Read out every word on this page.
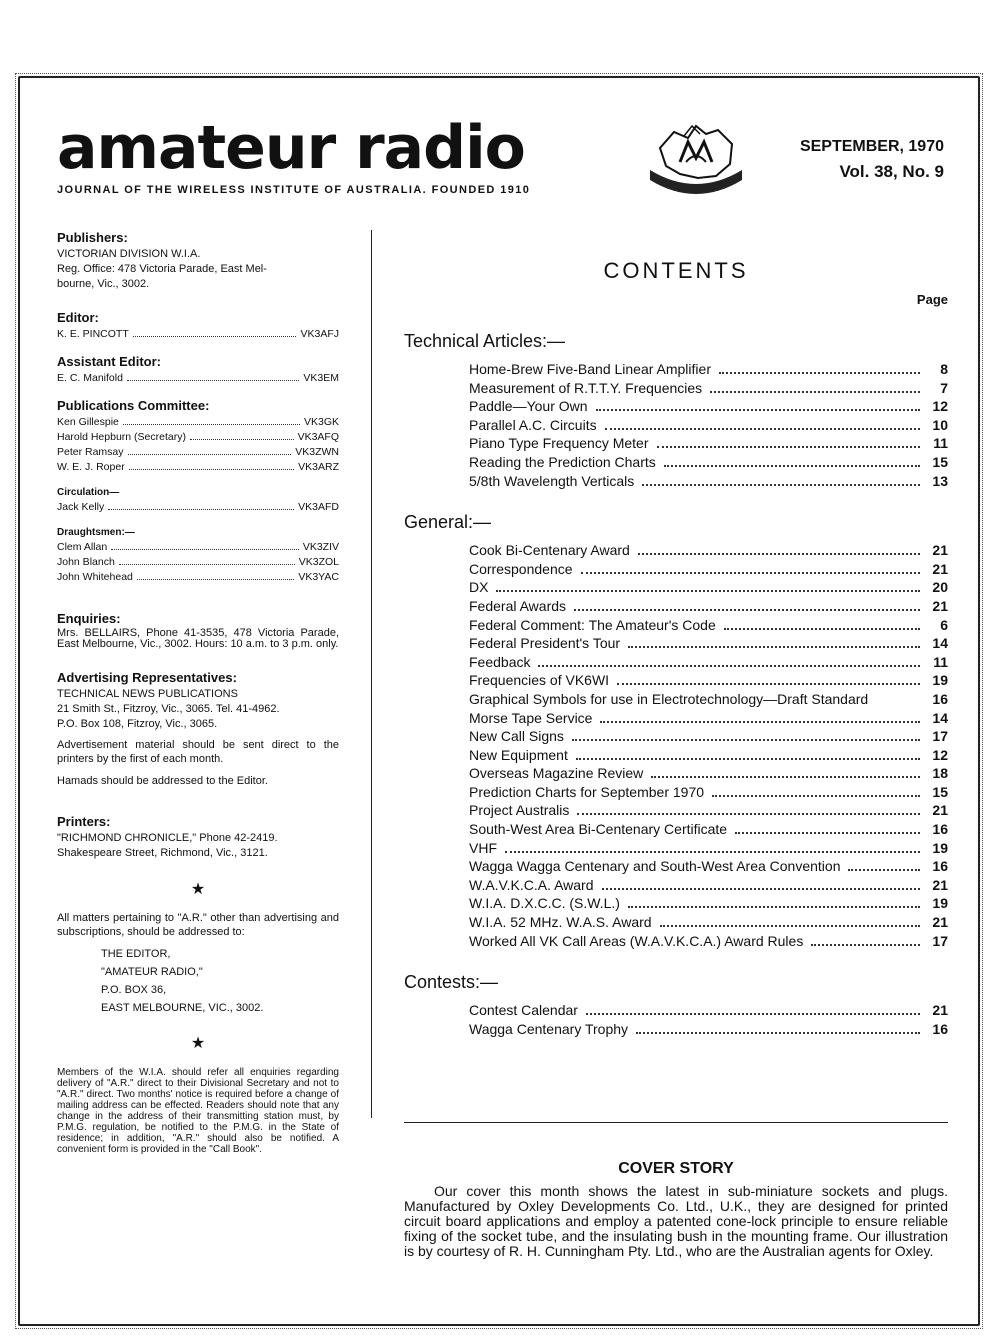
amateur radio
JOURNAL OF THE WIRELESS INSTITUTE OF AUSTRALIA. FOUNDED 1910
SEPTEMBER, 1970
Vol. 38, No. 9
Publishers:
VICTORIAN DIVISION W.I.A.
Reg. Office: 478 Victoria Parade, East Mel-
bourne, Vic., 3002.
Editor:
K. E. PINCOTT	VK3AFJ
Assistant Editor:
E. C. Manifold	VK3EM
Publications Committee:
Ken Gillespie	VK3GK
Harold Hepburn (Secretary)	VK3AFQ
Peter Ramsay	VK3ZWN
W. E. J. Roper	VK3ARZ
Circulation—
Jack Kelly	VK3AFD
Draughtsmen:—
Clem Allan	VK3ZIV
John Blanch	VK3ZOL
John Whitehead	VK3YAC
Enquiries:
Mrs. BELLAIRS, Phone 41-3535, 478 Victoria Parade, East Melbourne, Vic., 3002. Hours: 10 a.m. to 3 p.m. only.
Advertising Representatives:
TECHNICAL NEWS PUBLICATIONS
21 Smith St., Fitzroy, Vic., 3065. Tel. 41-4962.
P.O. Box 108, Fitzroy, Vic., 3065.
Advertisement material should be sent direct to the printers by the first of each month.
Hamads should be addressed to the Editor.
Printers:
"RICHMOND CHRONICLE," Phone 42-2419.
Shakespeare Street, Richmond, Vic., 3121.
★
All matters pertaining to "A.R." other than advertising and subscriptions, should be addressed to:
THE EDITOR,
"AMATEUR RADIO,"
P.O. BOX 36,
EAST MELBOURNE, VIC., 3002.
★
Members of the W.I.A. should refer all enquiries regarding delivery of "A.R." direct to their Divisional Secretary and not to "A.R." direct. Two months' notice is required before a change of mailing address can be effected. Readers should note that any change in the address of their transmitting station must, by P.M.G. regulation, be notified to the P.M.G. in the State of residence; in addition, "A.R." should also be notified. A convenient form is provided in the "Call Book".
CONTENTS
Page
Technical Articles:—
Home-Brew Five-Band Linear Amplifier	8
Measurement of R.T.T.Y. Frequencies	7
Paddle—Your Own	12
Parallel A.C. Circuits	10
Piano Type Frequency Meter	11
Reading the Prediction Charts	15
5/8th Wavelength Verticals	13
General:—
Cook Bi-Centenary Award	21
Correspondence	21
DX	20
Federal Awards	21
Federal Comment: The Amateur's Code	6
Federal President's Tour	14
Feedback	11
Frequencies of VK6WI	19
Graphical Symbols for use in Electrotechnology—Draft Standard	16
Morse Tape Service	14
New Call Signs	17
New Equipment	12
Overseas Magazine Review	18
Prediction Charts for September 1970	15
Project Australis	21
South-West Area Bi-Centenary Certificate	16
VHF	19
Wagga Wagga Centenary and South-West Area Convention	16
W.A.V.K.C.A. Award	21
W.I.A. D.X.C.C. (S.W.L.)	19
W.I.A. 52 MHz. W.A.S. Award	21
Worked All VK Call Areas (W.A.V.K.C.A.) Award Rules	17
Contests:—
Contest Calendar	21
Wagga Centenary Trophy	16
COVER STORY

Our cover this month shows the latest in sub-miniature sockets and plugs. Manufactured by Oxley Developments Co. Ltd., U.K., they are designed for printed circuit board applications and employ a patented cone-lock principle to ensure reliable fixing of the socket tube, and the insulating bush in the mounting frame. Our illustration is by courtesy of R. H. Cunningham Pty. Ltd., who are the Australian agents for Oxley.
